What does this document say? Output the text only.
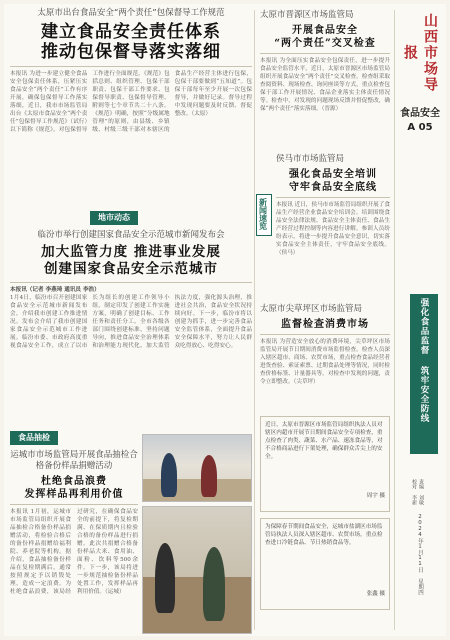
太原市出台食品安全“两个责任”包保督导工作规范
建立食品安全责任体系
推动包保督导落实落细
本报讯 为进一步建立健全食品安全包保责任体系，压紧压实食品安全“两个责任”工作有序开展，确保包保督导工作落实落细，近日，我市市场监管局出台《太原市食品安全“两个责任”包保督导工作规范》（试行）以下简称《规范》，对包保督导工作进行全面规范。《规范》包括总则、组织管理、包保干部职责、包保干部工作要求、包保督导职责、包保督导管理、附则等七个章节共二十八条。《规范》明确，按照“分级属地管理”的原则，由县级、乡镇级、村级三级干部对本辖区的食品生产经营主体进行包保，包保干部要做到“五知道”。包保干部每年至少开展一次包保督导，并做好记录。督导过程中发现问题要及时反馈、督促整改。（太原）
地市动态
临汾市举行创建国家食品安全示范城市新闻发布会
加大监管力度 推进事业发展
创建国家食品安全示范城市
本报讯（记者 李燕琦 通讯员 李浩）
1月4日，临汾市召开创建国家食品安全示范城市新闻发布会，介绍我市创建工作推进情况。发布会介绍了我市创建国家食品安全示范城市工作进展。临汾市委、市政府高度重视食品安全工作，成立了以市长为组长的创建工作领导小组，制定印发了创建工作实施方案，明确了创建目标、工作任务和责任分工。全市各级各部门围绕创建标准，坚持问题导向，推进食品安全治理体系和治理能力现代化，加大监管执法力度，强化源头治理，推进社会共治，食品安全状况持续向好。下一步，临汾市将以创建为抓手，进一步完善食品安全监管体系，全面提升食品安全保障水平，努力让人民群众吃得放心、吃得安心。
食品抽检
运城市市场监管局开展食品抽检合格备份样品捐赠活动
杜绝食品浪费
发挥样品再利用价值
本报讯 1月初，运城市市场监管局组织开展食品抽检合格备份样品捐赠活动，将检验合格后的备份样品捐赠给福利院、养老院等机构。据介绍，食品抽检备份样品在复检期满后，通常按照规定予以销毁处理，造成一定浪费。为杜绝食品浪费，该局经过研究，在确保食品安全的前提下，将复检期满、在保质期内且检验合格的备份样品进行捐赠。此次共捐赠合格备份样品大米、食用油、面粉、饮料等500余件。下一步，该局将进一步规范抽检备份样品处置工作，发挥样品再利用价值。（运城）
太原市晋源区市场监管局
开展食品安全
“两个责任”交叉检查
本报讯 为全面压实食品安全包保责任，进一步提升食品安全监管水平，近日，太原市晋源区市场监管局组织开展食品安全“两个责任”交叉检查。检查组采取查阅资料、现场检查、询问座谈等方式，重点检查包保干部工作开展情况、食品企业落实主体责任情况等。检查中，对发现的问题现场反馈并督促整改，确保“两个责任”落实落细。（晋源）
新闻速览
侯马市市场监管局
强化食品安全培训
守牢食品安全底线
本报讯 近日，侯马市市场监管局组织开展了食品生产经营企业食品安全培训会。培训围绕食品安全法律法规、食品安全主体责任、食品生产经营过程控制等内容进行讲解。参训人员纷纷表示，将进一步提升食品安全意识，切实落实食品安全主体责任，守牢食品安全底线。（侯马）
太原市尖草坪区市场监管局
监督检查消费市场
本报讯 为营造安全放心的消费环境，尖草坪区市场监管局开展节日期间消费市场监督检查。检查人员深入辖区超市、商场、农贸市场，重点检查食品经营者进货查验、索证索票、过期食品处理等情况，同时检查价格标签、计量器具等。对检查中发现的问题，责令立即整改。（尖草坪）
近日，太原市晋源区市场监管局组织执法人员对辖区内超市开展节日期间食品安全专项检查，重点检查了肉类、蔬菜、水产品、速冻食品等，对不合格商品进行下架处理，确保群众舌尖上的安全。
周宇 摄
为保障春节期间食品安全，运城市盐湖区市场监管局执法人员深入辖区超市、农贸市场，重点检查进口冷链食品、节日热销食品等。
张鑫 摄
山西市场导报
食品安全
A 05
强化食品监督 筑牢安全防线
2024年1月11日 星期四
责编 刘敏 校对 李新
